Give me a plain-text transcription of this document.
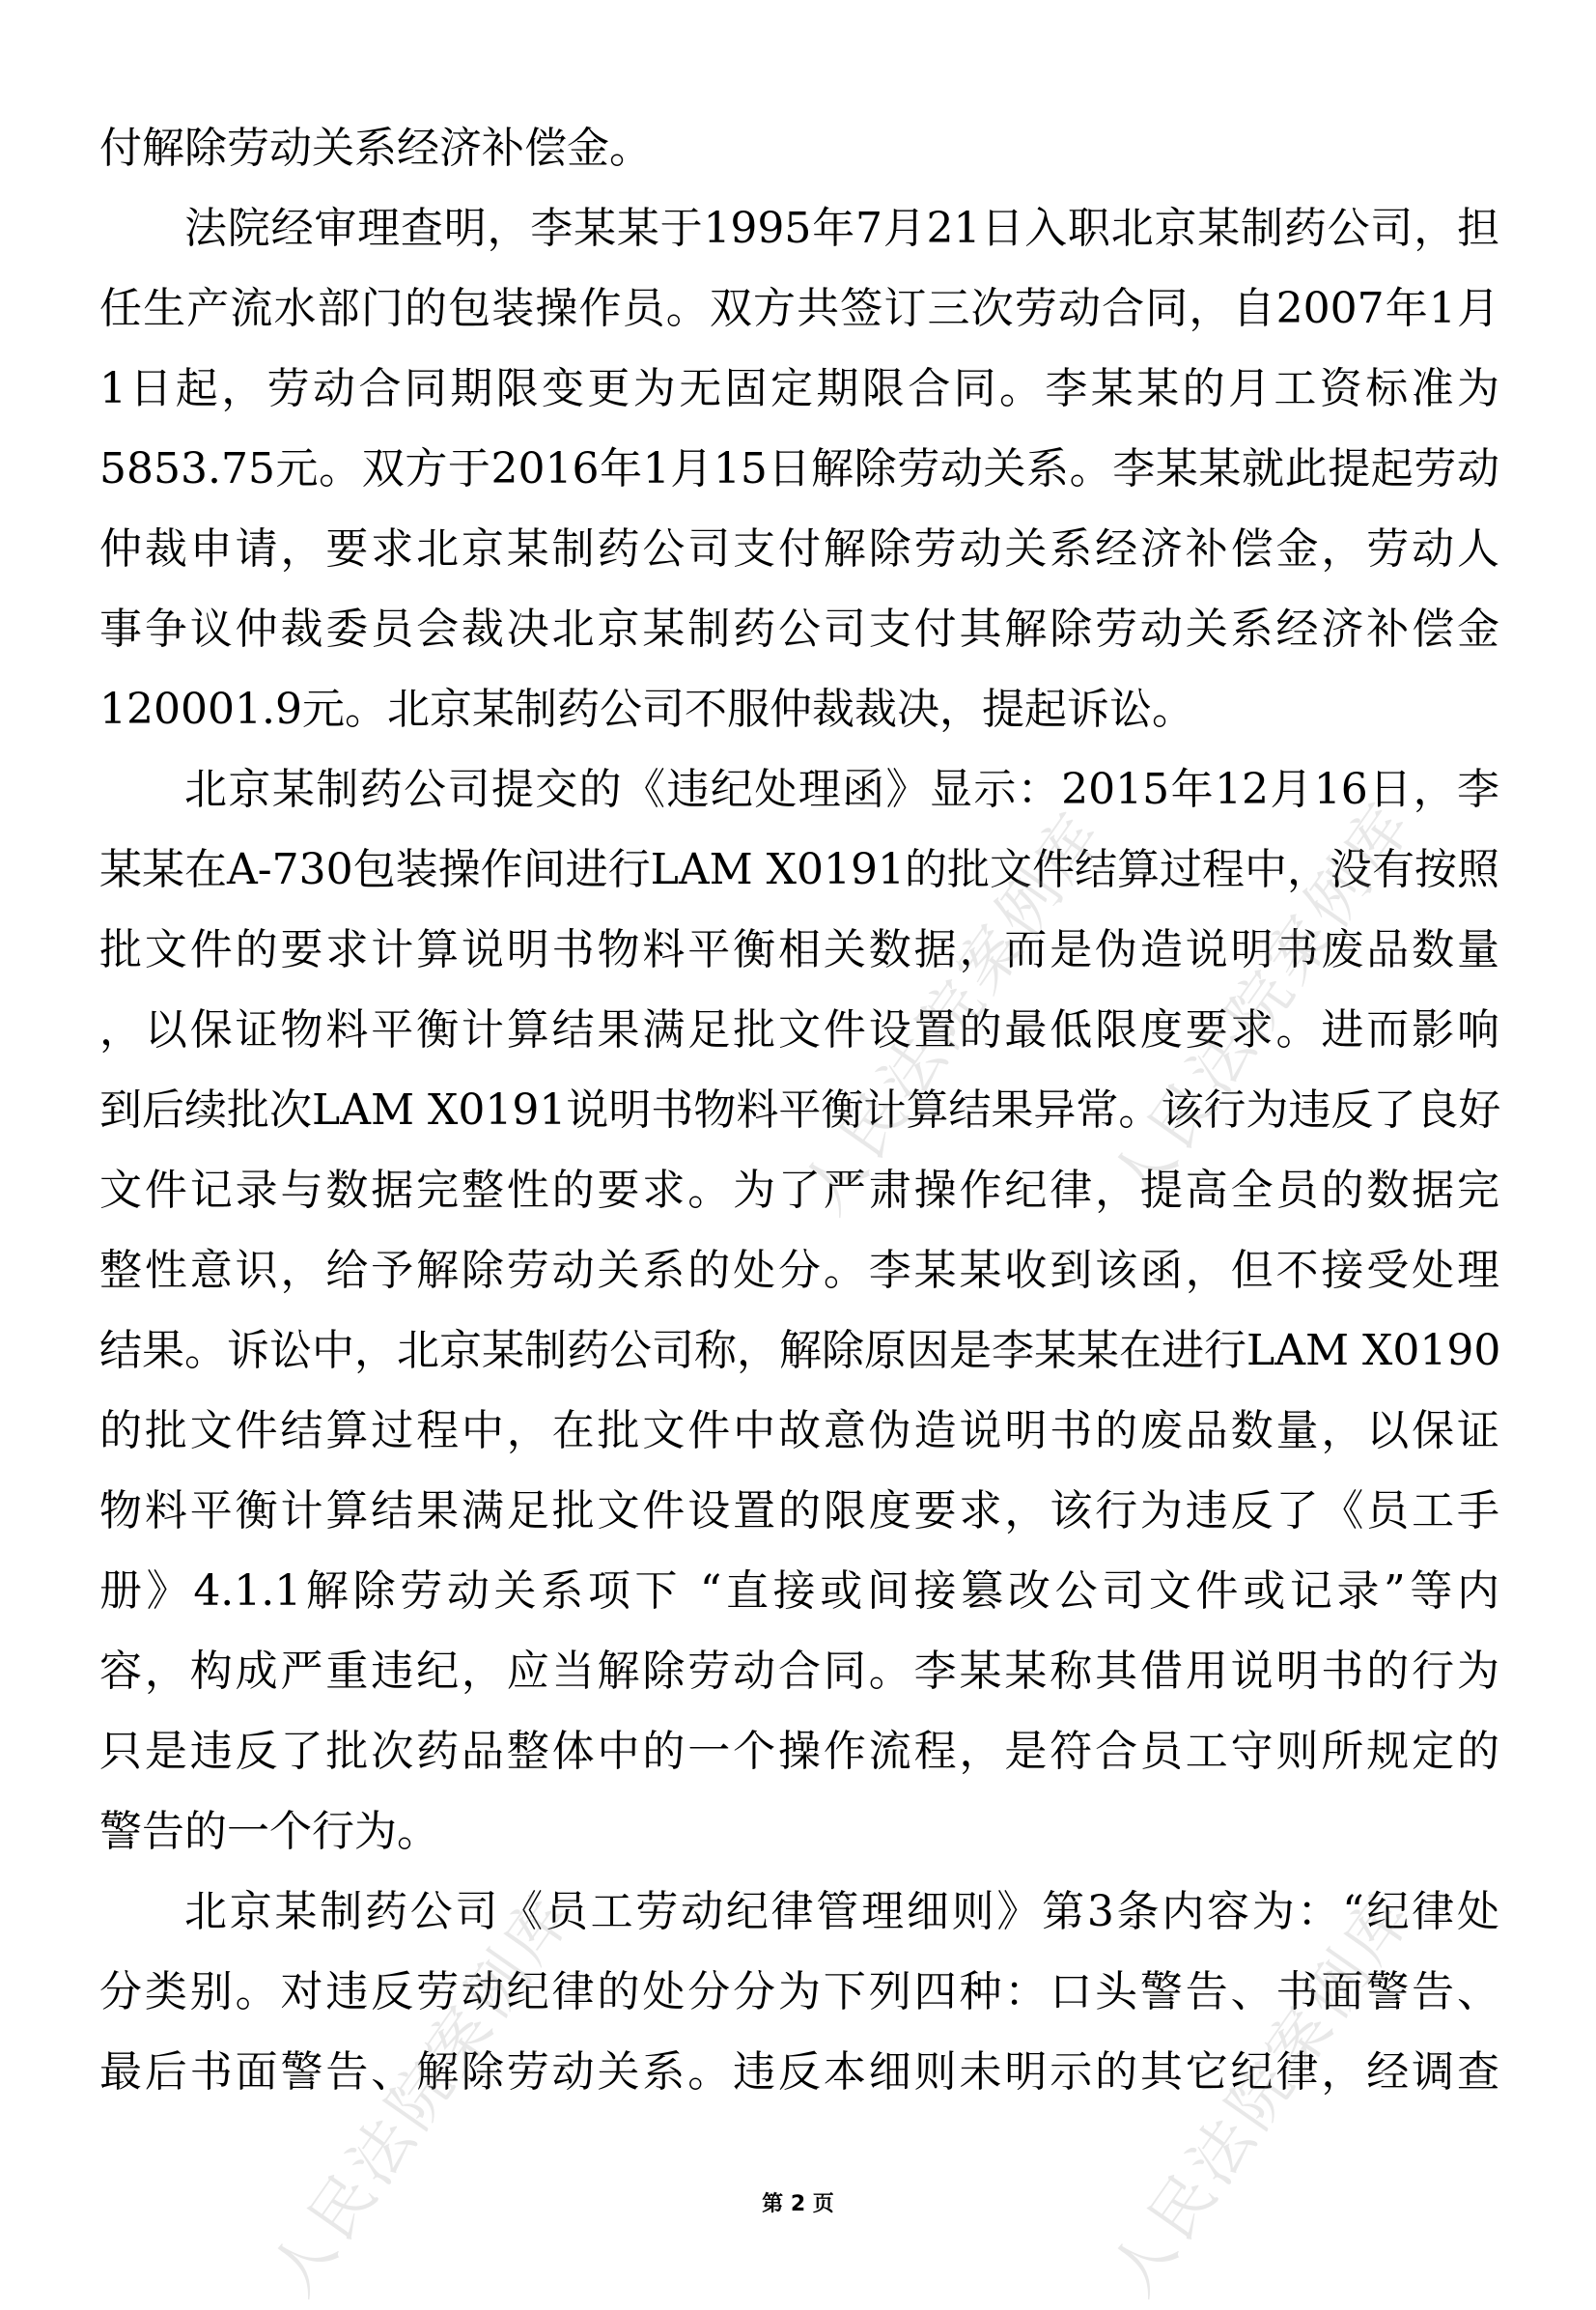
付解除劳动关系经济补偿金。
法院经审理查明，李某某于1995年7月21日入职北京某制药公司，担
任生产流水部门的包装操作员。双方共签订三次劳动合同，自2007年1月
1日起，劳动合同期限变更为无固定期限合同。李某某的月工资标准为
5853.75元。双方于2016年1月15日解除劳动关系。李某某就此提起劳动
仲裁申请，要求北京某制药公司支付解除劳动关系经济补偿金，劳动人
事争议仲裁委员会裁决北京某制药公司支付其解除劳动关系经济补偿金
120001.9元。北京某制药公司不服仲裁裁决，提起诉讼。
北京某制药公司提交的《违纪处理函》显示：2015年12月16日，李
某某在A-730包装操作间进行LAM X0191的批文件结算过程中，没有按照
批文件的要求计算说明书物料平衡相关数据，而是伪造说明书废品数量
，以保证物料平衡计算结果满足批文件设置的最低限度要求。进而影响
到后续批次LAM X0191说明书物料平衡计算结果异常。该行为违反了良好
文件记录与数据完整性的要求。为了严肃操作纪律，提高全员的数据完
整性意识，给予解除劳动关系的处分。李某某收到该函，但不接受处理
结果。诉讼中，北京某制药公司称，解除原因是李某某在进行LAM X0190
的批文件结算过程中，在批文件中故意伪造说明书的废品数量，以保证
物料平衡计算结果满足批文件设置的限度要求，该行为违反了《员工手
册》4.1.1解除劳动关系项下 “直接或间接篡改公司文件或记录”等内
容，构成严重违纪，应当解除劳动合同。李某某称其借用说明书的行为
只是违反了批次药品整体中的一个操作流程，是符合员工守则所规定的
警告的一个行为。
北京某制药公司《员工劳动纪律管理细则》第3条内容为：“纪律处
分类别。对违反劳动纪律的处分分为下列四种：口头警告、书面警告、
最后书面警告、解除劳动关系。违反本细则未明示的其它纪律，经调查
人民法院案例库
人民法院案例库
人民法院案例库	人民法院案例库
第 2 页
